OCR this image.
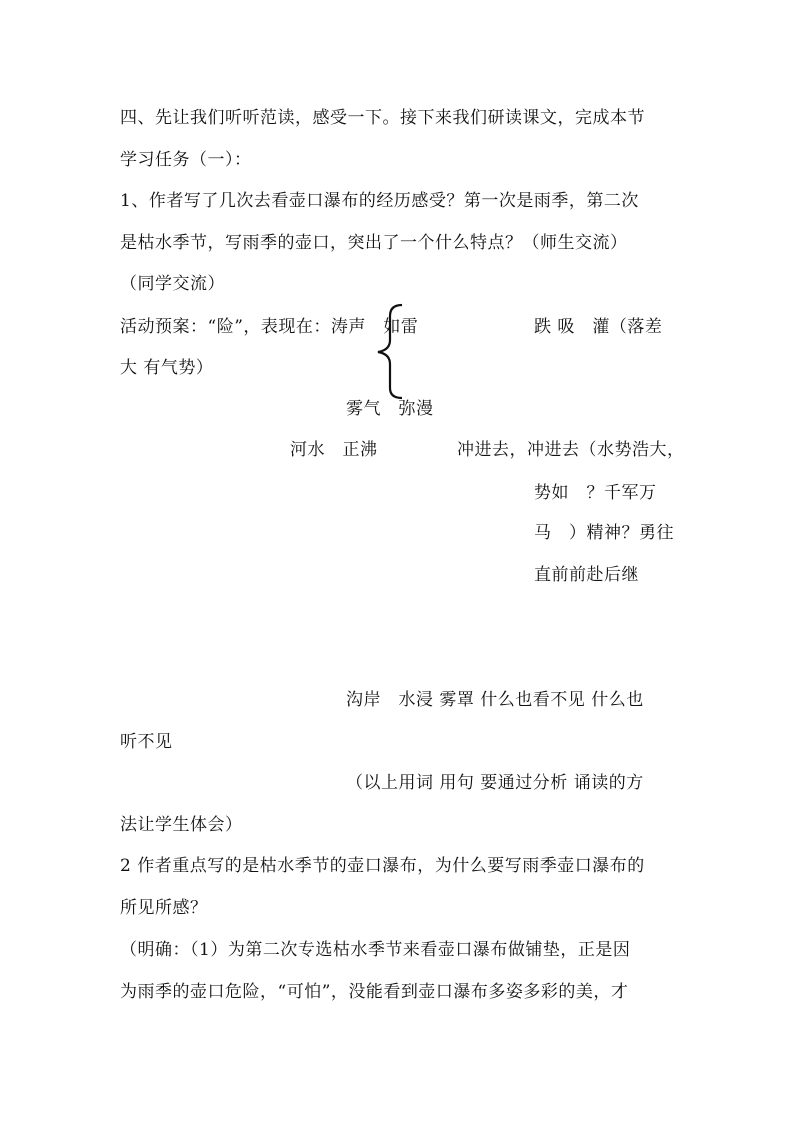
四、先让我们听听范读，感受一下。接下来我们研读课文，完成本节
学习任务（一）：
1、作者写了几次去看壶口瀑布的经历感受？第一次是雨季，第二次
是枯水季节，写雨季的壶口，突出了一个什么特点？（师生交流）
（同学交流）
活动预案：“险”，表现在：涛声　如雷	跌 吸　灌（落差
大 有气势）
雾气　弥漫
河水　正沸	冲进去，冲进去（水势浩大，
势如　？千军万
马　）精神？勇往
直前前赴后继
沟岸　水浸 雾罩 什么也看不见 什么也
听不见
（以上用词 用句 要通过分析 诵读的方
法让学生体会）
2 作者重点写的是枯水季节的壶口瀑布，为什么要写雨季壶口瀑布的
所见所感？
（明确：（1）为第二次专选枯水季节来看壶口瀑布做铺垫，正是因
为雨季的壶口危险，“可怕”，没能看到壶口瀑布多姿多彩的美，才
